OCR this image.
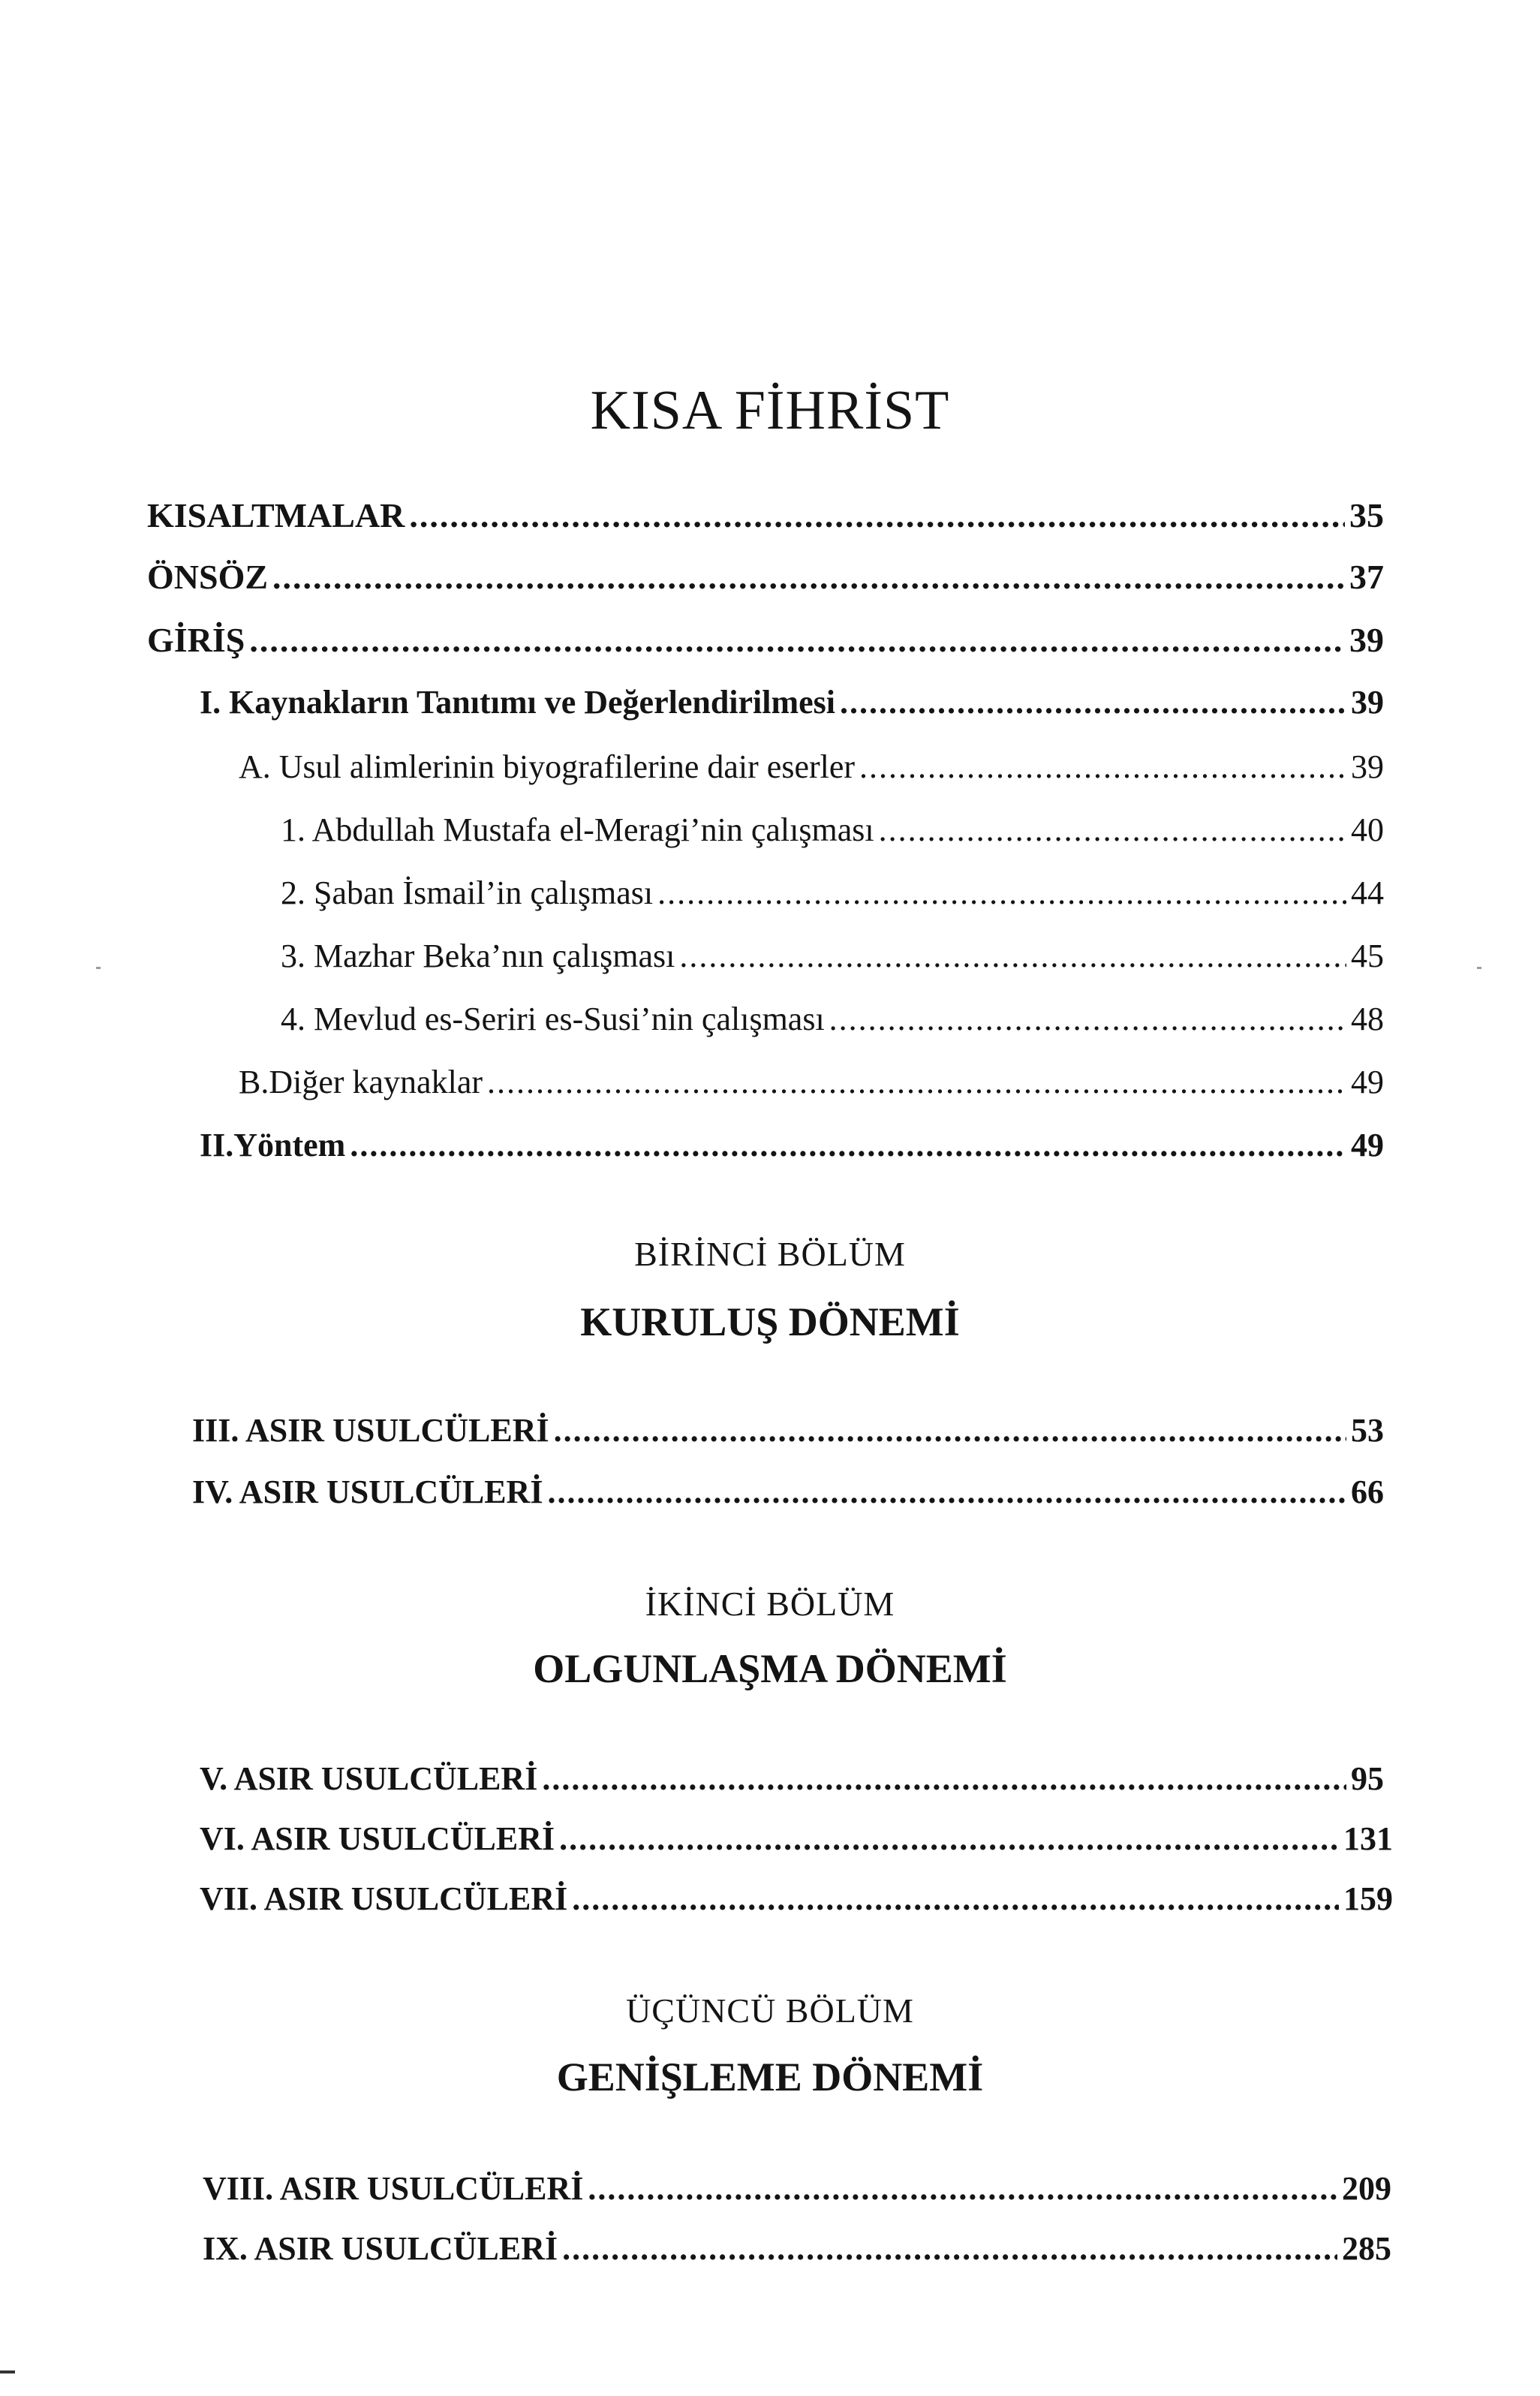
KISA FİHRİST
KISALTMALAR .....	35
ÖNSÖZ .....	37
GİRİŞ .....	39
I. Kaynakların Tanıtımı ve Değerlendirilmesi .....	39
A. Usul alimlerinin biyografilerine dair eserler .....	39
1. Abdullah Mustafa el-Meragi’nin çalışması .....	40
2. Şaban İsmail’in çalışması .....	44
3. Mazhar Beka’nın çalışması .....	45
4. Mevlud es-Seriri es-Susi’nin çalışması .....	48
B.Diğer kaynaklar .....	49
II.Yöntem .....	49
BİRİNCİ BÖLÜM
KURULUŞ DÖNEMİ
III. ASIR USULCÜLERİ .....	53
IV. ASIR USULCÜLERİ .....	66
İKİNCİ BÖLÜM
OLGUNLAŞMA DÖNEMİ
V. ASIR USULCÜLERİ .....	95
VI. ASIR USULCÜLERİ .....	131
VII. ASIR USULCÜLERİ .....	159
ÜÇÜNCÜ BÖLÜM
GENİŞLEME DÖNEMİ
VIII. ASIR USULCÜLERİ .....	209
IX. ASIR USULCÜLERİ .....	285
